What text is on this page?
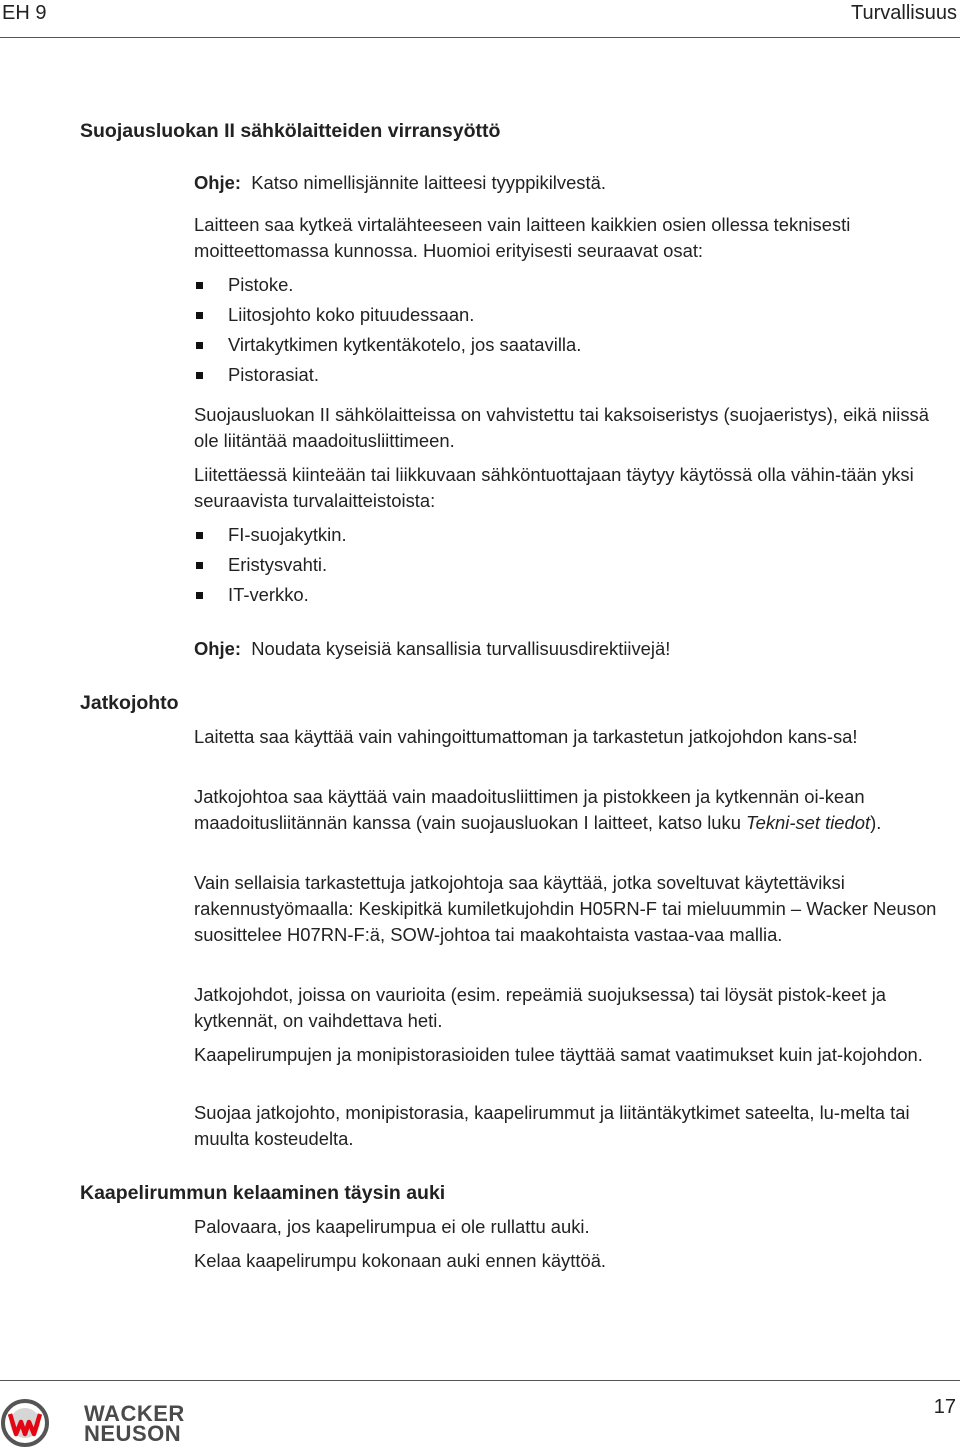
EH 9	Turvallisuus
Suojausluokan II sähkölaitteiden virransyöttö
Ohje: Katso nimellisjännite laitteesi tyyppikilvestä.
Laitteen saa kytkeä virtalähteeseen vain laitteen kaikkien osien ollessa teknisesti moitteettomassa kunnossa. Huomioi erityisesti seuraavat osat:
Pistoke.
Liitosjohto koko pituudessaan.
Virtakytkimen kytkentäkotelo, jos saatavilla.
Pistorasiat.
Suojausluokan II sähkölaitteissa on vahvistettu tai kaksoiseristys (suojaeristys), eikä niissä ole liitäntää maadoitusliittimeen.
Liitettäessä kiinteään tai liikkuvaan sähköntuottajaan täytyy käytössä olla vähin-tään yksi seuraavista turvalaitteistoista:
FI-suojakytkin.
Eristysvahti.
IT-verkko.
Ohje: Noudata kyseisiä kansallisia turvallisuusdirektiivejä!
Jatkojohto
Laitetta saa käyttää vain vahingoittumattoman ja tarkastetun jatkojohdon kans-sa!
Jatkojohtoa saa käyttää vain maadoitusliittimen ja pistokkeen ja kytkennän oi-kean maadoitusliitännän kanssa (vain suojausluokan I laitteet, katso luku Tekni-set tiedot).
Vain sellaisia tarkastettuja jatkojohtoja saa käyttää, jotka soveltuvat käytettäviksi rakennustyömaalla: Keskipitkä kumiletkujohdin H05RN-F tai mieluummin – Wacker Neuson suosittelee H07RN-F:ä, SOW-johtoa tai maakohtaista vastaa-vaa mallia.
Jatkojohdot, joissa on vaurioita (esim. repeämiä suojuksessa) tai löysät pistok-keet ja kytkennät, on vaihdettava heti.
Kaapelirumpujen ja monipistorasioiden tulee täyttää samat vaatimukset kuin jat-kojohdon.
Suojaa jatkojohto, monipistorasia, kaapelirummut ja liitäntäkytkimet sateelta, lu-melta tai muulta kosteudelta.
Kaapelirummun kelaaminen täysin auki
Palovaara, jos kaapelirumpua ei ole rullattu auki.
Kelaa kaapelirumpu kokonaan auki ennen käyttöä.
WACKER
NEUSON
17
